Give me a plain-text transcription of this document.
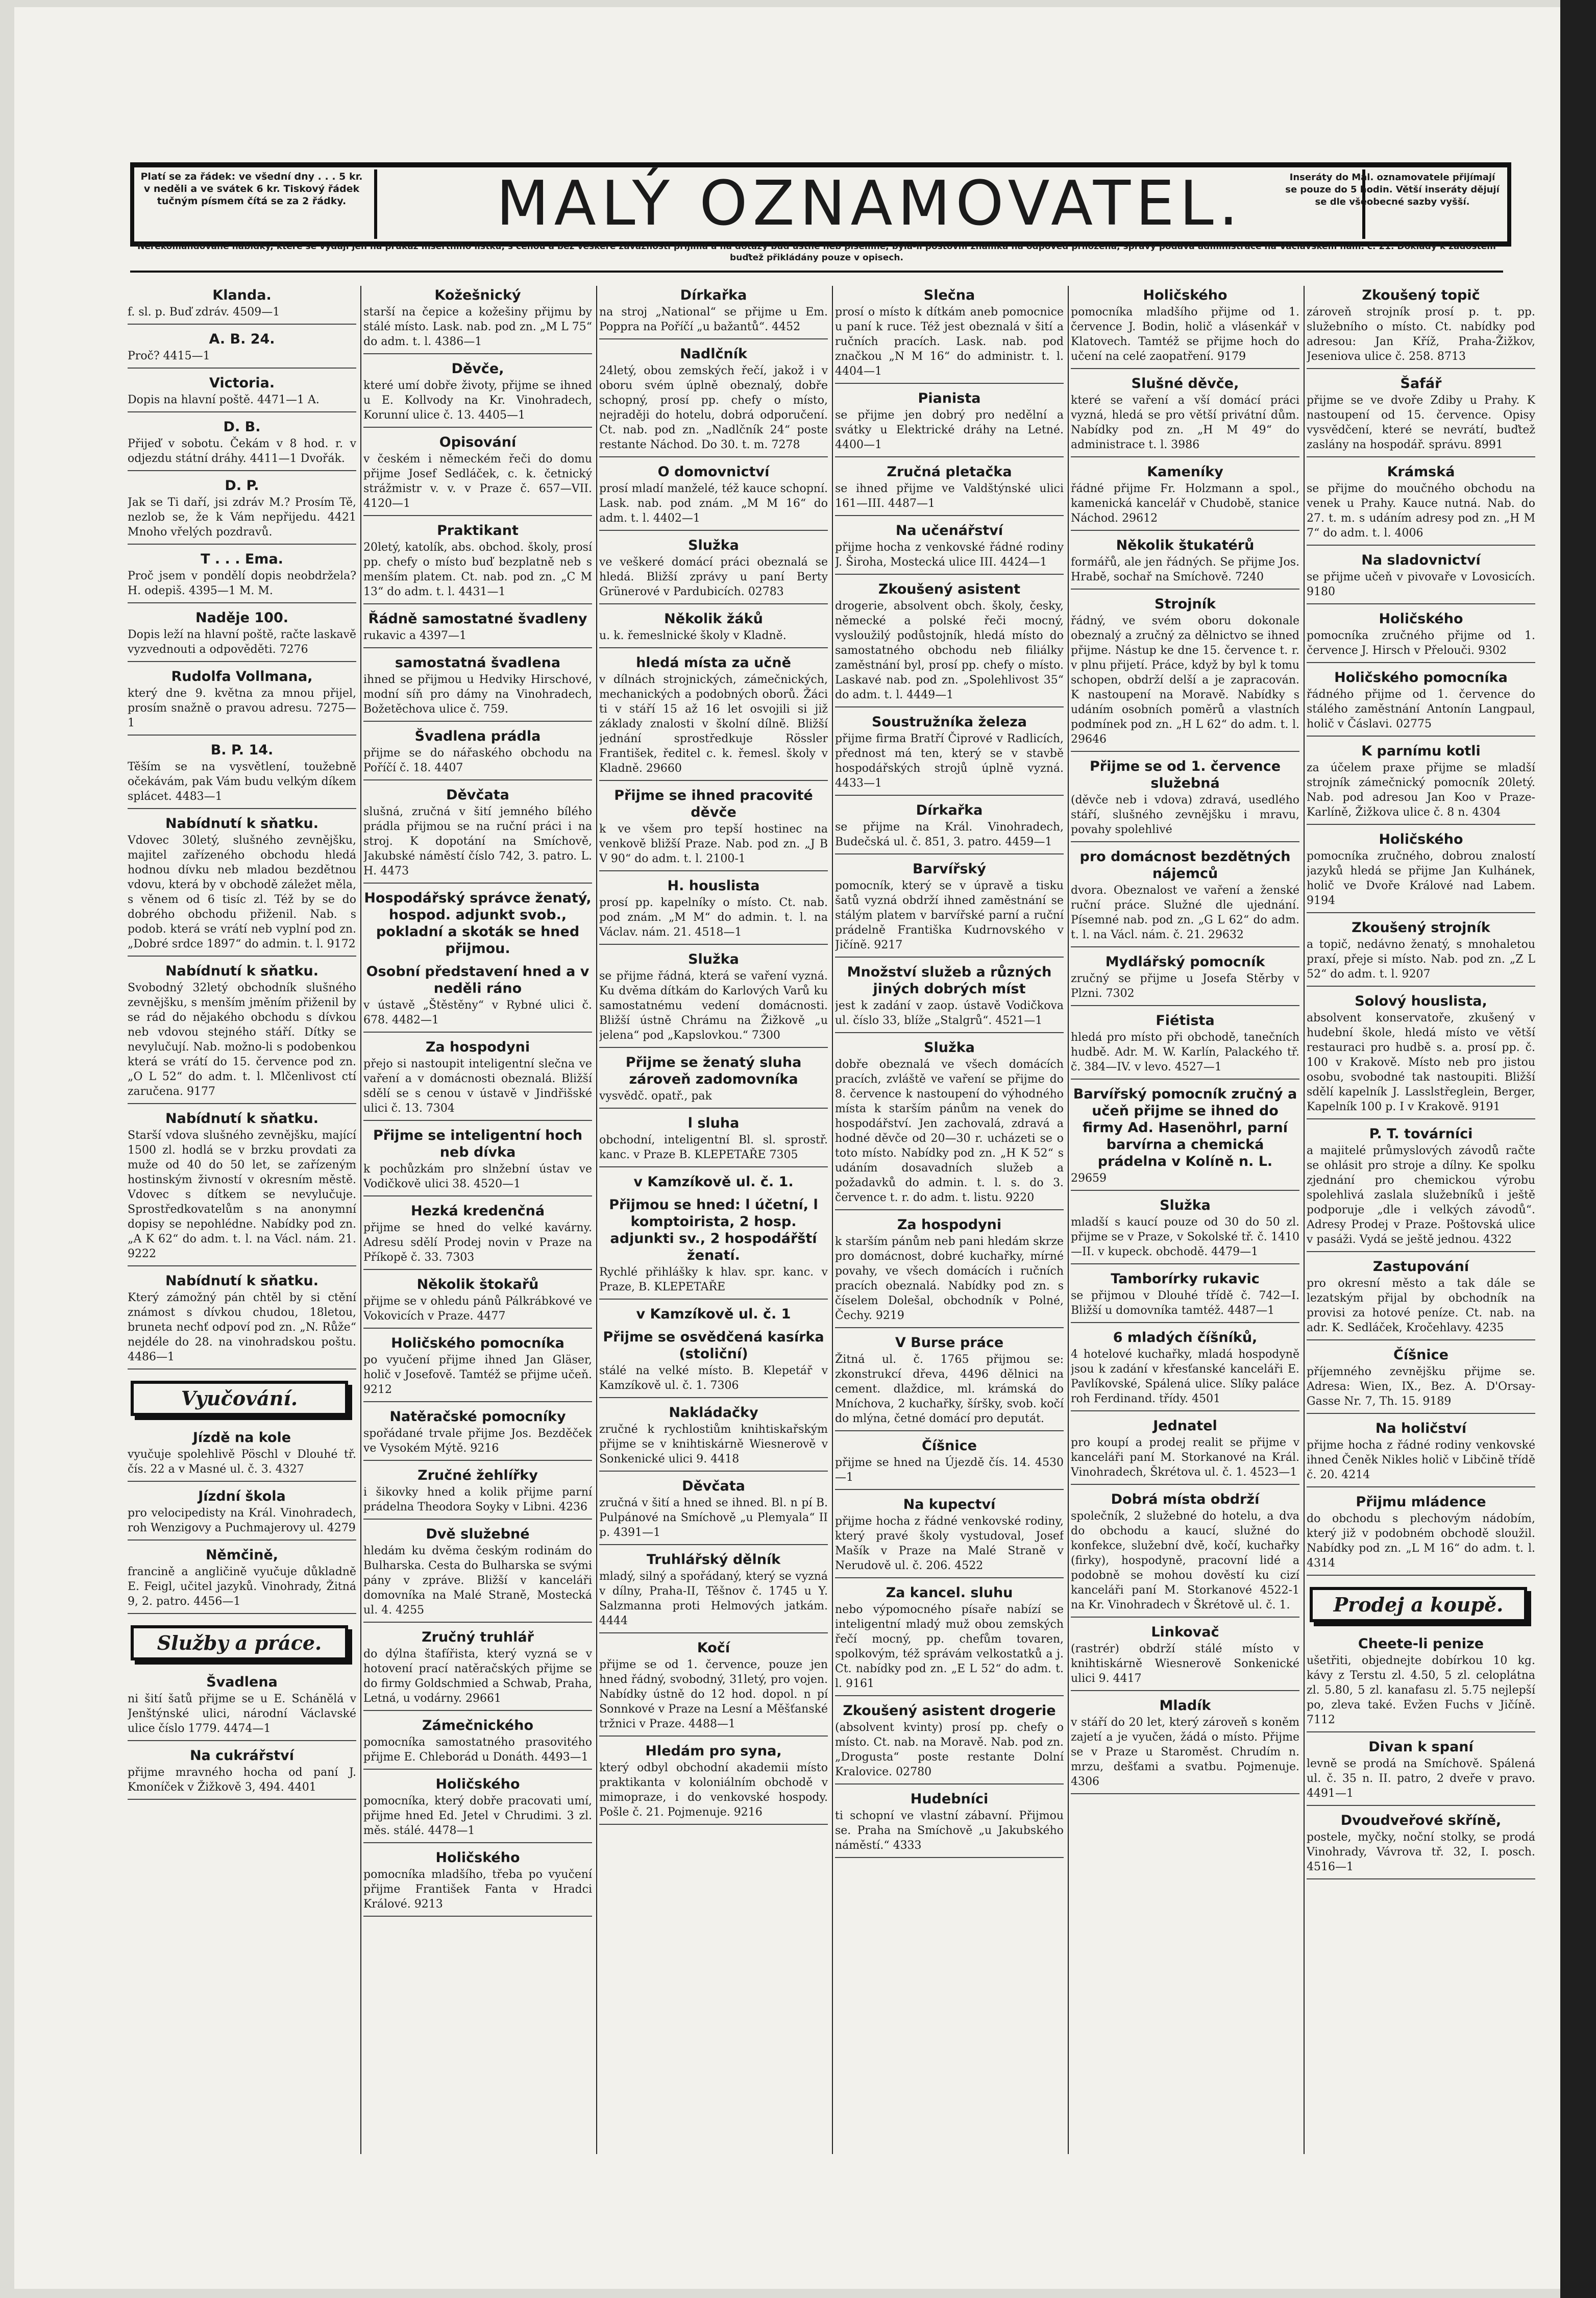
Platí se za řádek: ve všední dny . . . 5 kr. v neděli a ve svátek 6 kr. Tiskový řádek tučným písmem čítá se za 2 řádky.	MALÝ OZNAMOVATEL.	Inseráty do Mal. oznamovatele přijímají se pouze do 5 hodin. Větší inseráty dějují se dle všeobecné sazby vyšší.
Nerekomandované nabídky, které se vydají jen na průkaz insertního lístku, s cenou a bez veškeré závaznosti přijímá a na dotazy buď ústně neb písemně, byla-li poštovní známka na odpověď přiložena, správy podává administrace na Václavském nám. č. 21. Doklady k žádostem buďtež přikládány pouze v opisech.
Klanda.
f. sl. p. Buď zdráv. 4509—1
A. B. 24.
Proč? 4415—1
Victoria.
Dopis na hlavní poště. 4471—1 A.
D. B.
Přijeď v sobotu. Čekám v 8 hod. r. v odjezdu státní dráhy. 4411—1 Dvořák.
D. P.
Jak se Ti daří, jsi zdráv M.? Prosím Tě, nezlob se, že k Vám nepřijedu. 4421 Mnoho vřelých pozdravů.
T . . . Ema.
Proč jsem v pondělí dopis neobdržela? H. odepiš. 4395—1 M. M.
Naděje 100.
Dopis leží na hlavní poště, račte laskavě vyzvednouti a odpověděti. 7276
Rudolfa Vollmana,
který dne 9. května za mnou přijel, prosím snažně o pravou adresu. 7275—1
B. P. 14.
Těším se na vysvětlení, toužebně očekávám, pak Vám budu velkým díkem splácet. 4483—1
Nabídnutí k sňatku.
Vdovec 30letý, slušného zevnějšku, majitel zařízeného obchodu hledá hodnou dívku neb mladou bezdětnou vdovu, která by v obchodě záležet měla, s věnem od 6 tisíc zl. Též by se do dobrého obchodu přiženil. Nab. s podob. která se vrátí neb vyplní pod zn. „Dobré srdce 1897“ do admin. t. l. 9172
Nabídnutí k sňatku.
Svobodný 32letý obchodník slušného zevnějšku, s menším jměním přiženil by se rád do nějakého obchodu s dívkou neb vdovou stejného stáří. Dítky se nevylučují. Nab. možno-li s podobenkou která se vrátí do 15. července pod zn. „O L 52“ do adm. t. l. Mlčenlivost ctí zaručena. 9177
Nabídnutí k sňatku.
Starší vdova slušného zevnějšku, mající 1500 zl. hodlá se v brzku provdati za muže od 40 do 50 let, se zařízeným hostinským živností v okresním městě. Vdovec s dítkem se nevylučuje. Sprostředkovatelům s na anonymní dopisy se nepohlédne. Nabídky pod zn. „A K 62“ do adm. t. l. na Václ. nám. 21. 9222
Nabídnutí k sňatku.
Který zámožný pán chtěl by si ctění známost s dívkou chudou, 18letou, bruneta nechť odpoví pod zn. „N. Růže“ nejdéle do 28. na vinohradskou poštu. 4486—1
Vyučování.
Jízdě na kole
vyučuje spolehlivě Pöschl v Dlouhé tř. čís. 22 a v Masné ul. č. 3. 4327
Jízdní škola
pro velocipedisty na Král. Vinohradech, roh Wenzigovy a Puchmajerovy ul. 4279
Němčině,
francině a angličině vyučuje důkladně E. Feigl, učitel jazyků. Vinohrady, Žitná 9, 2. patro. 4456—1
Služby a práce.
Švadlena
ni šití šatů přijme se u E. Schánělá v Jenštýnské ulici, národní Václavské ulice číslo 1779. 4474—1
Na cukrářství
přijme mravného hocha od paní J. Kmoníček v Žižkově 3, 494. 4401
Kožešnický
starší na čepice a kožešiny přijmu by stálé místo. Lask. nab. pod zn. „M L 75“ do adm. t. l. 4386—1
Děvče,
které umí dobře životy, přijme se ihned u E. Kollvody na Kr. Vinohradech, Korunní ulice č. 13. 4405—1
Opisování
v českém i německém řeči do domu přijme Josef Sedláček, c. k. četnický strážmistr v. v. v Praze č. 657—VII. 4120—1
Praktikant
20letý, katolík, abs. obchod. školy, prosí pp. chefy o místo buď bezplatně neb s menším platem. Ct. nab. pod zn. „C M 13“ do adm. t. l. 4431—1
Řádně samostatné švadleny
rukavic a 4397—1
samostatná švadlena
ihned se přijmou u Hedviky Hirschové, modní síň pro dámy na Vinohradech, Božetěchova ulice č. 759.
Švadlena prádla
přijme se do nářaského obchodu na Poříčí č. 18. 4407
Děvčata
slušná, zručná v šití jemného bílého prádla přijmou se na ruční práci i na stroj. K dopotání na Smíchově, Jakubské náměstí číslo 742, 3. patro. L. H. 4473
Hospodářský správce ženatý, hospod. adjunkt svob., pokladní a skoták se hned přijmou.
Osobní představení hned a v neděli ráno
v ústavě „Štěstěny“ v Rybné ulici č. 678. 4482—1
Za hospodyni
přejo si nastoupit inteligentní slečna ve vaření a v domácnosti obeznalá. Bližší sdělí se s cenou v ústavě v Jindřišské ulici č. 13. 7304
Přijme se inteligentní hoch neb dívka
k pochůzkám pro slnžební ústav ve Vodičkově ulici 38. 4520—1
Hezká kredenčná
přijme se hned do velké kavárny. Adresu sdělí Prodej novin v Praze na Příkopě č. 33. 7303
Několik štokařů
přijme se v ohledu pánů Pálkrábkové ve Vokovicích v Praze. 4477
Holičského pomocníka
po vyučení přijme ihned Jan Gläser, holič v Josefově. Tamtéž se přijme učeň. 9212
Natěračské pomocníky
spořádané trvale přijme Jos. Bezděček ve Vysokém Mýtě. 9216
Zručné žehlířky
i šikovky hned a kolik přijme parní prádelna Theodora Soyky v Libni. 4236
Dvě služebné
hledám ku dvěma českým rodinám do Bulharska. Cesta do Bulharska se svými pány v zpráve. Bližší v kanceláři domovníka na Malé Straně, Mostecká ul. 4. 4255
Zručný truhlář
do dýlna štafířista, který vyzná se v hotovení prací natěračských přijme se do firmy Goldschmied a Schwab, Praha, Letná, u vodárny. 29661
Zámečnického
pomocníka samostatného prasovitého přijme E. Chleborád u Donáth. 4493—1
Holičského
pomocníka, který dobře pracovati umí, přijme hned Ed. Jetel v Chrudimi. 3 zl. měs. stálé. 4478—1
Holičského
pomocníka mladšího, třeba po vyučení přijme František Fanta v Hradci Králové. 9213
Dírkařka
na stroj „National“ se přijme u Em. Poppra na Poříčí „u bažantů“. 4452
Nadlčník
24letý, obou zemských řečí, jakož i v oboru svém úplně obeznalý, dobře schopný, prosí pp. chefy o místo, nejraději do hotelu, dobrá odporučení. Ct. nab. pod zn. „Nadlčník 24“ poste restante Náchod. Do 30. t. m. 7278
O domovnictví
prosí mladí manželé, též kauce schopní. Lask. nab. pod znám. „M M 16“ do adm. t. l. 4402—1
Služka
ve veškeré domácí práci obeznalá se hledá. Bližší zprávy u paní Berty Grünerové v Pardubicích. 02783
Několik žáků
u. k. řemeslnické školy v Kladně.
hledá místa za učně
v dílnách strojnických, zámečnických, mechanických a podobných oborů. Žáci ti v stáří 15 až 16 let osvojili si již základy znalosti v školní dílně. Bližší jednání sprostředkuje Rössler František, ředitel c. k. řemesl. školy v Kladně. 29660
Přijme se ihned pracovité děvče
k ve všem pro tepší hostinec na venkově bližší Praze. Nab. pod zn. „J B V 90“ do adm. t. l. 2100-1
H. houslista
prosí pp. kapelníky o místo. Ct. nab. pod znám. „M M“ do admin. t. l. na Václav. nám. 21. 4518—1
Služka
se přijme řádná, která se vaření vyzná. Ku dvěma dítkám do Karlových Varů ku samostatnému vedení domácnosti. Bližší ústně Chrámu na Žižkově „u jelena“ pod „Kapslovkou.“ 7300
Přijme se ženatý sluha zároveň zadomovníka
vysvědč. opatř., pak
l sluha
obchodní, inteligentní Bl. sl. sprostř. kanc. v Praze B. KLEPETAŘE 7305
v Kamzíkově ul. č. 1.
Přijmou se hned: l účetní, l komptoirista, 2 hosp. adjunkti sv., 2 hospodářští ženatí.
Rychlé přihlášky k hlav. spr. kanc. v Praze, B. KLEPETAŘE
v Kamzíkově ul. č. 1
Přijme se osvědčená kasírka (stoliční)
stálé na velké místo. B. Klepetář v Kamzíkově ul. č. 1. 7306
Nakládačky
zručné k rychlostiům knihtiskařským přijme se v knihtiskárně Wiesnerově v Sonkenické ulici 9. 4418
Děvčata
zručná v šití a hned se ihned. Bl. n pí B. Pulpánové na Smíchově „u Plemyala“ II p. 4391—1
Truhlářský dělník
mladý, silný a spořádaný, který se vyzná v dílny, Praha-II, Těšnov č. 1745 u Y. Salzmanna proti Helmových jatkám. 4444
Kočí
přijme se od 1. července, pouze jen hned řádný, svobodný, 31letý, pro vojen. Nabídky ústně do 12 hod. dopol. n pí Sonnkové v Praze na Lesní a Měšťanské tržnici v Praze. 4488—1
Hledám pro syna,
který odbyl obchodní akademii místo praktikanta v koloniálním obchodě v mimopraze, i do venkovské hospody. Pošle č. 21. Pojmenuje. 9216
Slečna
prosí o místo k dítkám aneb pomocnice u paní k ruce. Též jest obeznalá v šití a ručních pracích. Lask. nab. pod značkou „N M 16“ do administr. t. l. 4404—1
Pianista
se přijme jen dobrý pro nedělní a svátky u Elektrické dráhy na Letné. 4400—1
Zručná pletačka
se ihned přijme ve Valdštýnské ulici 161—III. 4487—1
Na učenářství
přijme hocha z venkovské řádné rodiny J. Široha, Mostecká ulice III. 4424—1
Zkoušený asistent
drogerie, absolvent obch. školy, česky, německé a polské řeči mocný, vysloužilý podůstojník, hledá místo do samostatného obchodu neb filiálky zaměstnání byl, prosí pp. chefy o místo. Laskavé nab. pod zn. „Spolehlivost 35“ do adm. t. l. 4449—1
Soustružníka železa
přijme firma Bratří Čiprové v Radlicích, přednost má ten, který se v stavbě hospodářských strojů úplně vyzná. 4433—1
Dírkařka
se přijme na Král. Vinohradech, Budečská ul. č. 851, 3. patro. 4459—1
Barvířský
pomocník, který se v úpravě a tisku šatů vyzná obdrží ihned zaměstnání se stálým platem v barvířské parní a ruční prádelně Františka Kudrnovského v Jičíně. 9217
Množství služeb a různých jiných dobrých míst
jest k zadání v zaop. ústavě Vodičkova ul. číslo 33, blíže „Stalgrů“. 4521—1
Služka
dobře obeznalá ve všech domácích pracích, zvláště ve vaření se přijme do 8. července k nastoupení do výhodného místa k starším pánům na venek do hospodářství. Jen zachovalá, zdravá a hodné děvče od 20—30 r. ucházeti se o toto místo. Nabídky pod zn. „H K 52“ s udáním dosavadních služeb a požadavků do admin. t. l. s. do 3. července t. r. do adm. t. listu. 9220
Za hospodyni
k starším pánům neb pani hledám skrze pro domácnost, dobré kuchařky, mírné povahy, ve všech domácích i ručních pracích obeznalá. Nabídky pod zn. s číselem Dolešal, obchodník v Polné, Čechy. 9219
V Burse práce
Žitná ul. č. 1765 přijmou se: zkonstrukcí dřeva, 4496 dělnici na cement. dlaždice, ml. krámská do Mníchova, 2 kuchařky, šíršky, svob. kočí do mlýna, četné domácí pro deputát.
Číšnice
přijme se hned na Újezdě čís. 14. 4530—1
Na kupectví
přijme hocha z řádné venkovské rodiny, který pravé školy vystudoval, Josef Mašík v Praze na Malé Straně v Nerudově ul. č. 206. 4522
Za kancel. sluhu
nebo výpomocného písaře nabízí se inteligentní mladý muž obou zemských řečí mocný, pp. chefům tovaren, spolkovým, též správám velkostatků a j. Ct. nabídky pod zn. „E L 52“ do adm. t. l. 9161
Zkoušený asistent drogerie
(absolvent kvinty) prosí pp. chefy o místo. Ct. nab. na Moravě. Nab. pod zn. „Drogusta“ poste restante Dolní Kralovice. 02780
Hudebníci
ti schopní ve vlastní zábavní. Přijmou se. Praha na Smíchově „u Jakubského náměstí.“ 4333
Holičského
pomocníka mladšího přijme od 1. července J. Bodin, holič a vlásenkář v Klatovech. Tamtéž se přijme hoch do učení na celé zaopatření. 9179
Slušné děvče,
které se vaření a vší domácí práci vyzná, hledá se pro větší privátní dům. Nabídky pod zn. „H M 49“ do administrace t. l. 3986
Kameníky
řádné přijme Fr. Holzmann a spol., kamenická kancelář v Chudobě, stanice Náchod. 29612
Několik štukatérů
formářů, ale jen řádných. Se přijme Jos. Hrabě, sochař na Smíchově. 7240
Strojník
řádný, ve svém oboru dokonale obeznalý a zručný za dělnictvo se ihned přijme. Nástup ke dne 15. července t. r. v plnu přijetí. Práce, když by byl k tomu schopen, obdrží delší a je zapracován. K nastoupení na Moravě. Nabídky s udáním osobních poměrů a vlastních podmínek pod zn. „H L 62“ do adm. t. l. 29646
Přijme se od 1. července služebná
(děvče neb i vdova) zdravá, usedlého stáří, slušného zevnějšku i mravu, povahy spolehlivé
pro domácnost bezdětných nájemců
dvora. Obeznalost ve vaření a ženské ruční práce. Služné dle ujednání. Písemné nab. pod zn. „G L 62“ do adm. t. l. na Václ. nám. č. 21. 29632
Mydlářský pomocník
zručný se přijme u Josefa Stěrby v Plzni. 7302
Fiétista
hledá pro místo při obchodě, tanečních hudbě. Adr. M. W. Karlín, Palackého tř. č. 384—IV. v levo. 4527—1
Barvířský pomocník zručný a učeň přijme se ihned do firmy Ad. Hasenöhrl, parní barvírna a chemická prádelna v Kolíně n. L.
29659
Služka
mladší s kaucí pouze od 30 do 50 zl. přijme se v Praze, v Sokolské tř. č. 1410—II. v kupeck. obchodě. 4479—1
Tamborírky rukavic
se přijmou v Dlouhé třídě č. 742—I. Bližší u domovníka tamtéž. 4487—1
6 mladých číšníků,
4 hotelové kuchařky, mladá hospodyně jsou k zadání v křesťanské kanceláři E. Pavlíkovské, Spálená ulice. Slíky paláce roh Ferdinand. třídy. 4501
Jednatel
pro koupí a prodej realit se přijme v kanceláři paní M. Storkanové na Král. Vinohradech, Škrétova ul. č. 1. 4523—1
Dobrá místa obdrží
společník, 2 služebné do hotelu, a dva do obchodu a kaucí, služné do konfekce, služební dvě, kočí, kuchařky (firky), hospodyně, pracovní lidé a podobně se mohou dověstí ku cizí kanceláři paní M. Storkanové 4522-1 na Kr. Vinohradech v Škrétově ul. č. 1.
Linkovač
(rastrér) obdrží stálé místo v knihtiskárně Wiesnerově Sonkenické ulici 9. 4417
Mladík
v stáří do 20 let, který zároveň s koněm zajetí a je vyučen, žádá o místo. Přijme se v Praze u Staroměst. Chrudím n. mrzu, dešťami a svatbu. Pojmenuje. 4306
Zkoušený topič
zároveň strojník prosí p. t. pp. služebního o místo. Ct. nabídky pod adresou: Jan Kříž, Praha-Žižkov, Jeseniova ulice č. 258. 8713
Šafář
přijme se ve dvoře Zdiby u Prahy. K nastoupení od 15. července. Opisy vysvědčení, které se nevrátí, buďtež zaslány na hospodář. správu. 8991
Krámská
se přijme do moučného obchodu na venek u Prahy. Kauce nutná. Nab. do 27. t. m. s udáním adresy pod zn. „H M 7“ do adm. t. l. 4006
Na sladovnictví
se přijme učeň v pivovaře v Lovosicích. 9180
Holičského
pomocníka zručného přijme od 1. července J. Hirsch v Přelouči. 9302
Holičského pomocníka
řádného přijme od 1. července do stálého zaměstnání Antonín Langpaul, holič v Čáslavi. 02775
K parnímu kotli
za účelem praxe přijme se mladší strojník zámečnický pomocník 20letý. Nab. pod adresou Jan Koo v Praze-Karlíně, Žižkova ulice č. 8 n. 4304
Holičského
pomocníka zručného, dobrou znalostí jazyků hledá se přijme Jan Kulhánek, holič ve Dvoře Králové nad Labem. 9194
Zkoušený strojník
a topič, nedávno ženatý, s mnohaletou praxí, přeje si místo. Nab. pod zn. „Z L 52“ do adm. t. l. 9207
Solový houslista,
absolvent konservatoře, zkušený v hudební škole, hledá místo ve větší restauraci pro hudbě s. a. prosí pp. č. 100 v Krakově. Místo neb pro jistou osobu, svobodné tak nastoupiti. Bližší sdělí kapelník J. Lasslstřeglein, Berger, Kapelník 100 p. I v Krakově. 9191
P. T. továrníci
a majitelé průmyslových závodů račte se ohlásit pro stroje a dílny. Ke spolku zjednání pro chemickou výrobu spolehlivá zaslala služebníků i ještě podporuje „dle i velkých závodů“. Adresy Prodej v Praze. Poštovská ulice v pasáži. Vydá se ještě jednou. 4322
Zastupování
pro okresní město a tak dále se lezatským přijal by obchodník na provisi za hotové peníze. Ct. nab. na adr. K. Sedláček, Kročehlavy. 4235
Číšnice
příjemného zevnějšku přijme se. Adresa: Wien, IX., Bez. A. D'Orsay-Gasse Nr. 7, Th. 15. 9189
Na holičství
přijme hocha z řádné rodiny venkovské ihned Čeněk Nikles holič v Libčině třídě č. 20. 4214
Přijmu mládence
do obchodu s plechovým nádobím, který již v podobném obchodě sloužil. Nabídky pod zn. „L M 16“ do adm. t. l. 4314
Prodej a koupě.
Cheete-li penize
ušetřiti, objednejte dobírkou 10 kg. kávy z Terstu zl. 4.50, 5 zl. celoplátna zl. 5.80, 5 zl. kanafasu zl. 5.75 nejlepší po, zleva také. Evžen Fuchs v Jičíně. 7112
Divan k spaní
levně se prodá na Smíchově. Spálená ul. č. 35 n. II. patro, 2 dveře v pravo. 4491—1
Dvoudveřové skříně,
postele, myčky, noční stolky, se prodá Vinohrady, Vávrova tř. 32, I. posch. 4516—1
